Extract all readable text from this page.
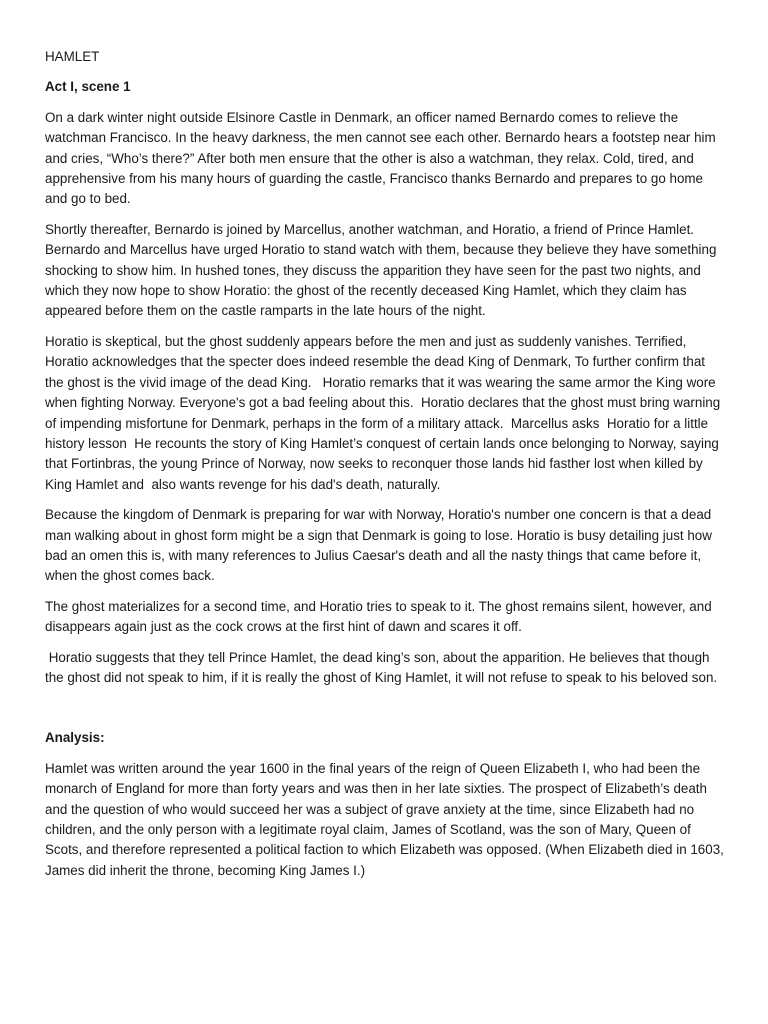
HAMLET
Act I, scene 1

On a dark winter night outside Elsinore Castle in Denmark, an officer named Bernardo comes to relieve the watchman Francisco. In the heavy darkness, the men cannot see each other. Bernardo hears a footstep near him and cries, “Who’s there?” After both men ensure that the other is also a watchman, they relax. Cold, tired, and apprehensive from his many hours of guarding the castle, Francisco thanks Bernardo and prepares to go home and go to bed.

Shortly thereafter, Bernardo is joined by Marcellus, another watchman, and Horatio, a friend of Prince Hamlet. Bernardo and Marcellus have urged Horatio to stand watch with them, because they believe they have something shocking to show him. In hushed tones, they discuss the apparition they have seen for the past two nights, and which they now hope to show Horatio: the ghost of the recently deceased King Hamlet, which they claim has appeared before them on the castle ramparts in the late hours of the night.

Horatio is skeptical, but the ghost suddenly appears before the men and just as suddenly vanishes. Terrified, Horatio acknowledges that the specter does indeed resemble the dead King of Denmark, To further confirm that the ghost is the vivid image of the dead King.   Horatio remarks that it was wearing the same armor the King wore when fighting Norway. Everyone's got a bad feeling about this.  Horatio declares that the ghost must bring warning of impending misfortune for Denmark, perhaps in the form of a military attack.  Marcellus asks  Horatio for a little history lesson  He recounts the story of King Hamlet’s conquest of certain lands once belonging to Norway, saying that Fortinbras, the young Prince of Norway, now seeks to reconquer those lands hid fasther lost when killed by King Hamlet and  also wants revenge for his dad's death, naturally.

Because the kingdom of Denmark is preparing for war with Norway, Horatio's number one concern is that a dead man walking about in ghost form might be a sign that Denmark is going to lose. Horatio is busy detailing just how bad an omen this is, with many references to Julius Caesar's death and all the nasty things that came before it, when the ghost comes back.

The ghost materializes for a second time, and Horatio tries to speak to it. The ghost remains silent, however, and disappears again just as the cock crows at the first hint of dawn and scares it off.

Horatio suggests that they tell Prince Hamlet, the dead king’s son, about the apparition. He believes that though the ghost did not speak to him, if it is really the ghost of King Hamlet, it will not refuse to speak to his beloved son.

Analysis:

Hamlet was written around the year 1600 in the final years of the reign of Queen Elizabeth I, who had been the monarch of England for more than forty years and was then in her late sixties. The prospect of Elizabeth’s death and the question of who would succeed her was a subject of grave anxiety at the time, since Elizabeth had no children, and the only person with a legitimate royal claim, James of Scotland, was the son of Mary, Queen of Scots, and therefore represented a political faction to which Elizabeth was opposed. (When Elizabeth died in 1603, James did inherit the throne, becoming King James I.)
